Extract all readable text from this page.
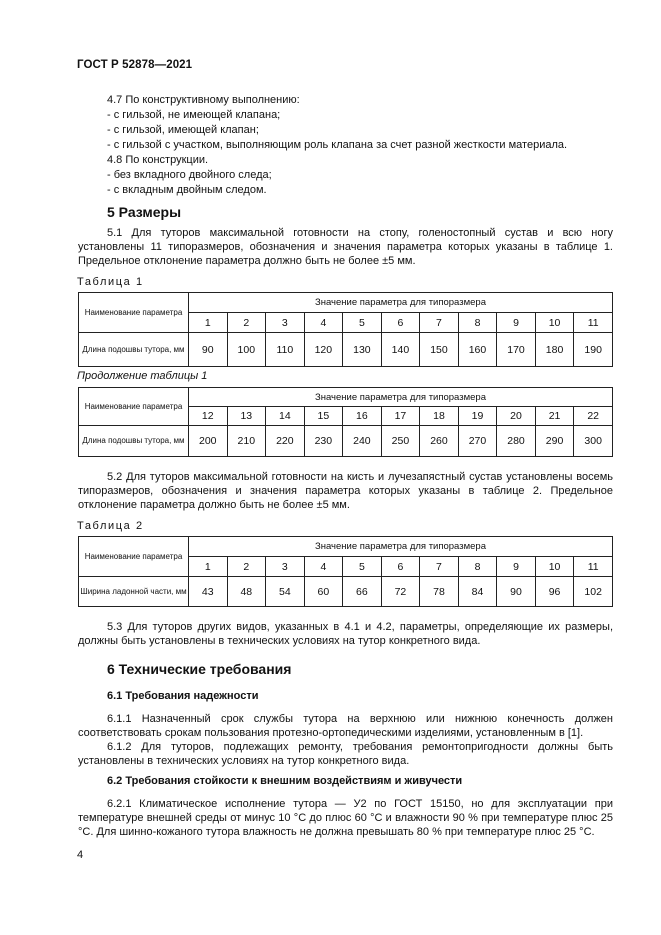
ГОСТ Р 52878—2021
4.7 По конструктивному выполнению:
- с гильзой, не имеющей клапана;
- с гильзой, имеющей клапан;
- с гильзой с участком, выполняющим роль клапана за счет разной жесткости материала.
4.8 По конструкции.
- без вкладного двойного следа;
- с вкладным двойным следом.
5 Размеры
5.1 Для туторов максимальной готовности на стопу, голеностопный сустав и всю ногу установлены 11 типоразмеров, обозначения и значения параметра которых указаны в таблице 1. Предельное отклонение параметра должно быть не более ±5 мм.
Таблица 1
Наименование параметра	Значение параметра для типоразмера										
	1	2	3	4	5	6	7	8	9	10	11
Длина подошвы тутора, мм	90	100	110	120	130	140	150	160	170	180	190
Продолжение таблицы 1
Наименование параметра	Значение параметра для типоразмера										
	12	13	14	15	16	17	18	19	20	21	22
Длина подошвы тутора, мм	200	210	220	230	240	250	260	270	280	290	300
5.2 Для туторов максимальной готовности на кисть и лучезапястный сустав установлены восемь типоразмеров, обозначения и значения параметра которых указаны в таблице 2. Предельное отклонение параметра должно быть не более ±5 мм.
Таблица 2
Наименование параметра	Значение параметра для типоразмера										
	1	2	3	4	5	6	7	8	9	10	11
Ширина ладонной части, мм	43	48	54	60	66	72	78	84	90	96	102
5.3 Для туторов других видов, указанных в 4.1 и 4.2, параметры, определяющие их размеры, должны быть установлены в технических условиях на тутор конкретного вида.
6 Технические требования
6.1 Требования надежности
6.1.1 Назначенный срок службы тутора на верхнюю или нижнюю конечность должен соответствовать срокам пользования протезно-ортопедическими изделиями, установленным в [1].
6.1.2 Для туторов, подлежащих ремонту, требования ремонтопригодности должны быть установлены в технических условиях на тутор конкретного вида.
6.2 Требования стойкости к внешним воздействиям и живучести
6.2.1 Климатическое исполнение тутора — У2 по ГОСТ 15150, но для эксплуатации при температуре внешней среды от минус 10 °С до плюс 60 °С и влажности 90 % при температуре плюс 25 °С. Для шинно-кожаного тутора влажность не должна превышать 80 % при температуре плюс 25 °С.
4
